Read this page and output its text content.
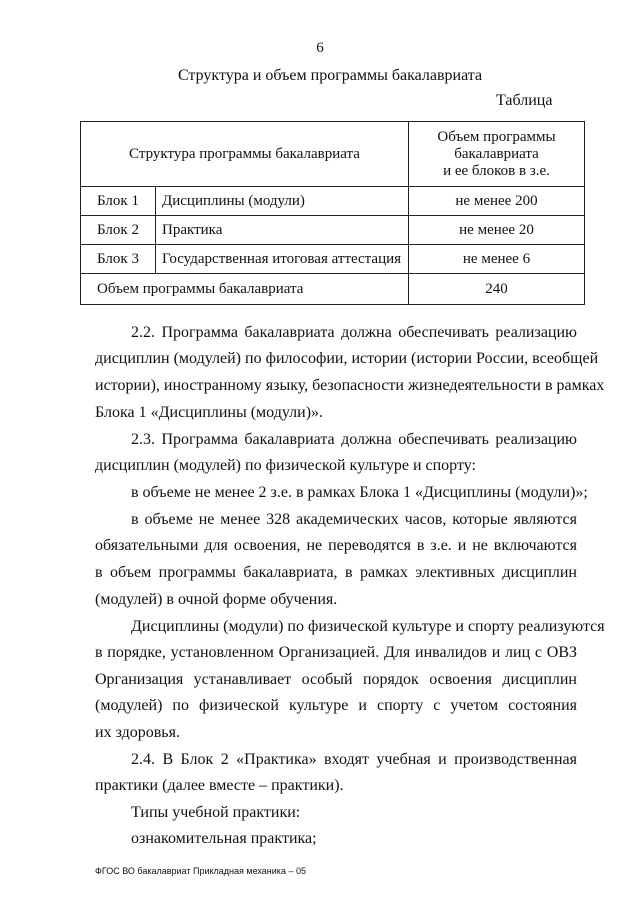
6
Структура и объем программы бакалавриата
Таблица
Структура программы бакалавриата		Объем программы
бакалавриата
и ее блоков в з.е.

Блок 1	Дисциплины (модули)	не менее 200
Блок 2	Практика	не менее 20
Блок 3	Государственная итоговая аттестация	не менее 6
Объем программы бакалавриата		240
2.2. Программа бакалавриата должна обеспечивать реализацию
дисциплин (модулей) по философии, истории (истории России, всеобщей
истории), иностранному языку, безопасности жизнедеятельности в рамках
Блока 1 «Дисциплины (модули)».
2.3. Программа бакалавриата должна обеспечивать реализацию
дисциплин (модулей) по физической культуре и спорту:
в объеме не менее 2 з.е. в рамках Блока 1 «Дисциплины (модули)»;
в объеме не менее 328 академических часов, которые являются
обязательными для освоения, не переводятся в з.е. и не включаются
в объем программы бакалавриата, в рамках элективных дисциплин
(модулей) в очной форме обучения.
Дисциплины (модули) по физической культуре и спорту реализуются
в порядке, установленном Организацией. Для инвалидов и лиц с ОВЗ
Организация устанавливает особый порядок освоения дисциплин
(модулей) по физической культуре и спорту с учетом состояния
их здоровья.
2.4. В Блок 2 «Практика» входят учебная и производственная
практики (далее вместе – практики).
Типы учебной практики:
ознакомительная практика;
ФГОС ВО бакалавриат Прикладная механика – 05
